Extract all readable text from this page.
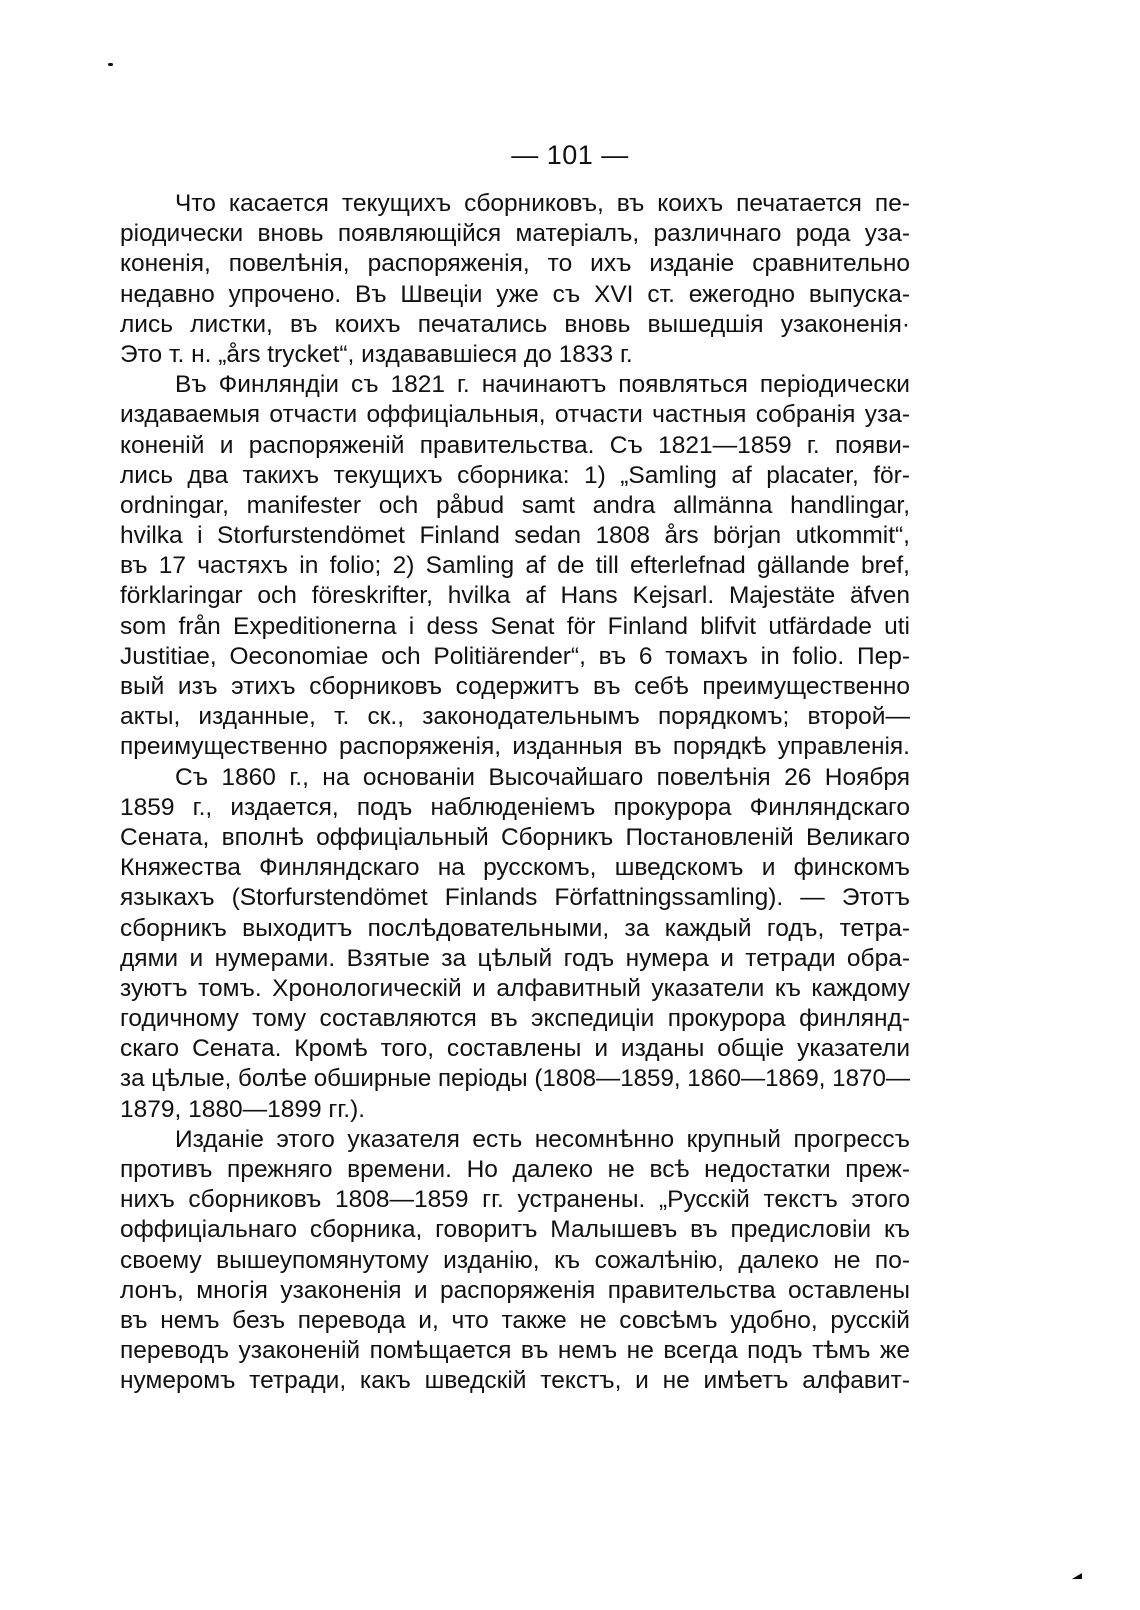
— 101 —
Что касается текущихъ сборниковъ, въ коихъ печатается пе-
ріодически вновь появляющійся матеріалъ, различнаго рода уза-
коненія, повелѣнія, распоряженія, то ихъ изданіе сравнительно
недавно упрочено. Въ Швеціи уже съ XVI ст. ежегодно выпуска-
лись листки, въ коихъ печатались вновь вышедшія узаконенія·
Это т. н. „års trycket“, издававшіеся до 1833 г.
Въ Финляндіи съ 1821 г. начинаютъ появляться періодически
издаваемыя отчасти оффиціальныя, отчасти частныя собранія уза-
коненій и распоряженій правительства. Съ 1821—1859 г. появи-
лись два такихъ текущихъ сборника: 1) „Samling af placater, för-
ordningar, manifester och påbud samt andra allmänna handlingar,
hvilka i Storfurstendömet Finland sedan 1808 års början utkommit“,
въ 17 частяхъ in folio; 2) Samling af de till efterlefnad gällande bref,
förklaringar och föreskrifter, hvilka af Hans Kejsarl. Majestäte äfven
som från Expeditionerna i dess Senat för Finland blifvit utfärdade uti
Justitiae, Oeconomiae och Politiärender“, въ 6 томахъ in folio. Пер-
вый изъ этихъ сборниковъ содержитъ въ себѣ преимущественно
акты, изданные, т. ск., законодательнымъ порядкомъ; второй—
преимущественно распоряженія, изданныя въ порядкѣ управленія.
Съ 1860 г., на основаніи Высочайшаго повелѣнія 26 Ноября
1859 г., издается, подъ наблюденіемъ прокурора Финляндскаго
Сената, вполнѣ оффиціальный Сборникъ Постановленій Великаго
Княжества Финляндскаго на русскомъ, шведскомъ и финскомъ
языкахъ (Storfurstendömet Finlands Författningssamling). — Этотъ
сборникъ выходитъ послѣдовательными, за каждый годъ, тетра-
дями и нумерами. Взятые за цѣлый годъ нумера и тетради обра-
зуютъ томъ. Хронологическій и алфавитный указатели къ каждому
годичному тому составляются въ экспедиціи прокурора финлянд-
скаго Сената. Кромѣ того, составлены и изданы общіе указатели
за цѣлые, болѣе обширные періоды (1808—1859, 1860—1869, 1870—
1879, 1880—1899 гг.).
Изданіе этого указателя есть несомнѣнно крупный прогрессъ
противъ прежняго времени. Но далеко не всѣ недостатки преж-
нихъ сборниковъ 1808—1859 гг. устранены. „Русскій текстъ этого
оффиціальнаго сборника, говоритъ Малышевъ въ предисловіи къ
своему вышеупомянутому изданію, къ сожалѣнію, далеко не по-
лонъ, многія узаконенія и распоряженія правительства оставлены
въ немъ безъ перевода и, что также не совсѣмъ удобно, русскій
переводъ узаконеній помѣщается въ немъ не всегда подъ тѣмъ же
нумеромъ тетради, какъ шведскій текстъ, и не имѣетъ алфавит-
